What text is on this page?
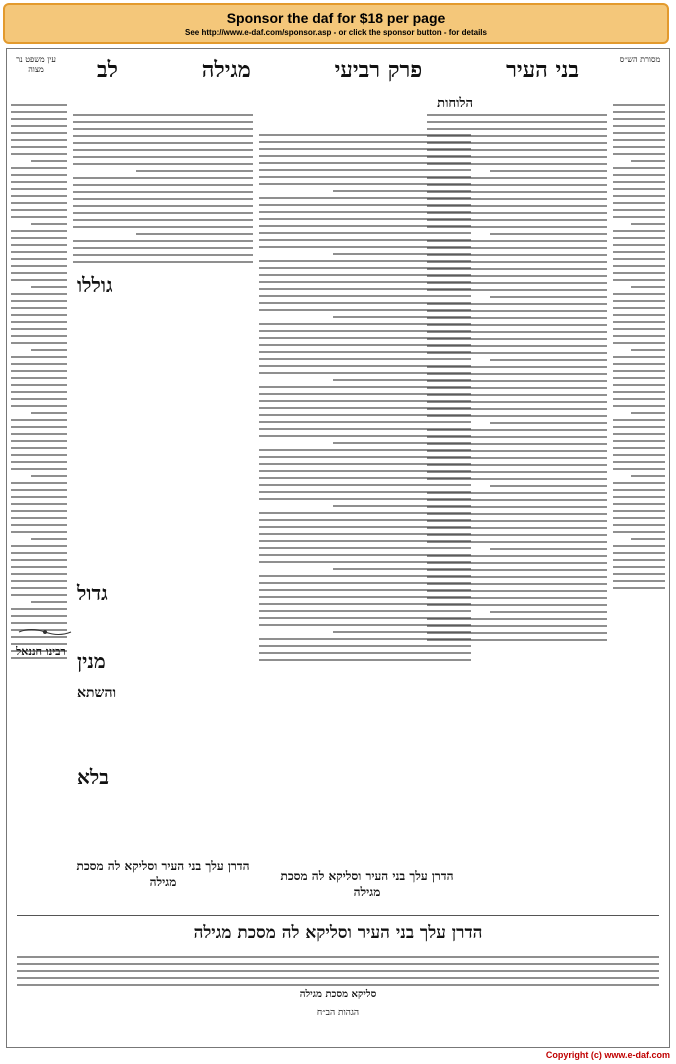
Sponsor the daf for $18 per page
See http://www.e-daf.com/sponsor.asp - or click the sponsor button - for details
מסורת הש״ס
בני העיר
פרק רביעי
מגילה
לב
עין משפט נר מצוה
הלוחות
גוללו
גדול
מנין
והשתא
בלא
רבינו חננאל
הדרן עלך בני העיר וסליקא לה מסכת מגילה
הדרן עלך בני העיר וסליקא לה מסכת מגילה
הדרן עלך בני העיר וסליקא לה מסכת מגילה
סליקא מסכת מגילה
הגהות הב״ח
Copyright (c) www.e-daf.com
